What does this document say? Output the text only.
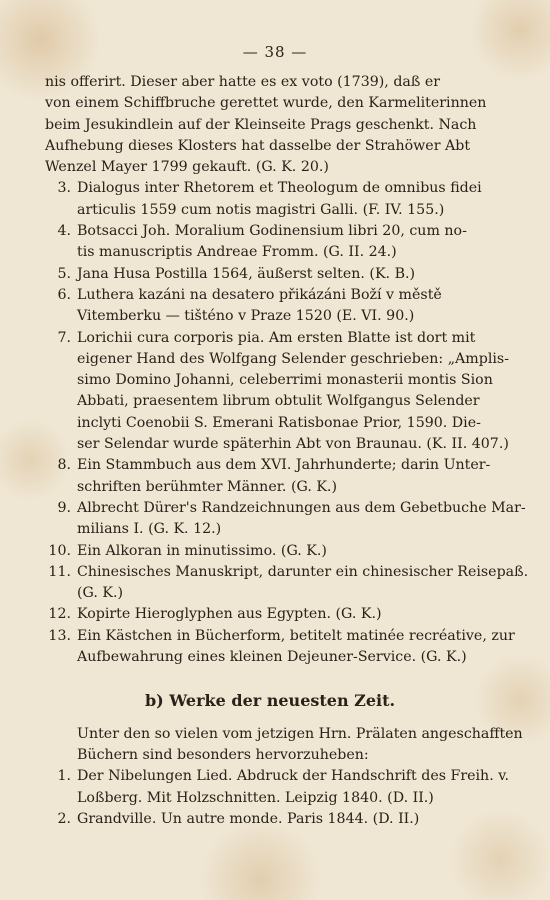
— 38 —
nis offerirt. Dieser aber hatte es ex voto (1739), daß er
von einem Schiffbruche gerettet wurde, den Karmeliterinnen
beim Jesukindlein auf der Kleinseite Prags geschenkt. Nach
Aufhebung dieses Klosters hat dasselbe der Strahöwer Abt
Wenzel Mayer 1799 gekauft. (G. K. 20.)
3. Dialogus inter Rhetorem et Theologum de omnibus fidei
articulis 1559 cum notis magistri Galli. (F. IV. 155.)
4. Botsacci Joh. Moralium Godinensium libri 20, cum no-
tis manuscriptis Andreae Fromm. (G. II. 24.)
5. Jana Husa Postilla 1564, äußerst selten. (K. B.)
6. Luthera kazáni na desatero přikázáni Boží v městě
Vitemberku — tišténo v Praze 1520 (E. VI. 90.)
7. Lorichii cura corporis pia. Am ersten Blatte ist dort mit
eigener Hand des Wolfgang Selender geschrieben: „Amplis-
simo Domino Johanni, celeberrimi monasterii montis Sion
Abbati, praesentem librum obtulit Wolfgangus Selender
inclyti Coenobii S. Emerani Ratisbonae Prior, 1590. Die-
ser Selendar wurde späterhin Abt von Braunau. (K. II. 407.)
8. Ein Stammbuch aus dem XVI. Jahrhunderte; darin Unter-
schriften berühmter Männer. (G. K.)
9. Albrecht Dürer's Randzeichnungen aus dem Gebetbuche Mar-
milians I. (G. K. 12.)
10. Ein Alkoran in minutissimo. (G. K.)
11. Chinesisches Manuskript, darunter ein chinesischer Reisepaß.
(G. K.)
12. Kopirte Hieroglyphen aus Egypten. (G. K.)
13. Ein Kästchen in Bücherform, betitelt matinée recréative, zur
Aufbewahrung eines kleinen Dejeuner-Service. (G. K.)
b) Werke der neuesten Zeit.
Unter den so vielen vom jetzigen Hrn. Prälaten angeschafften
Büchern sind besonders hervorzuheben:
1. Der Nibelungen Lied. Abdruck der Handschrift des Freih. v.
Loßberg. Mit Holzschnitten. Leipzig 1840. (D. II.)
2. Grandville. Un autre monde. Paris 1844. (D. II.)
